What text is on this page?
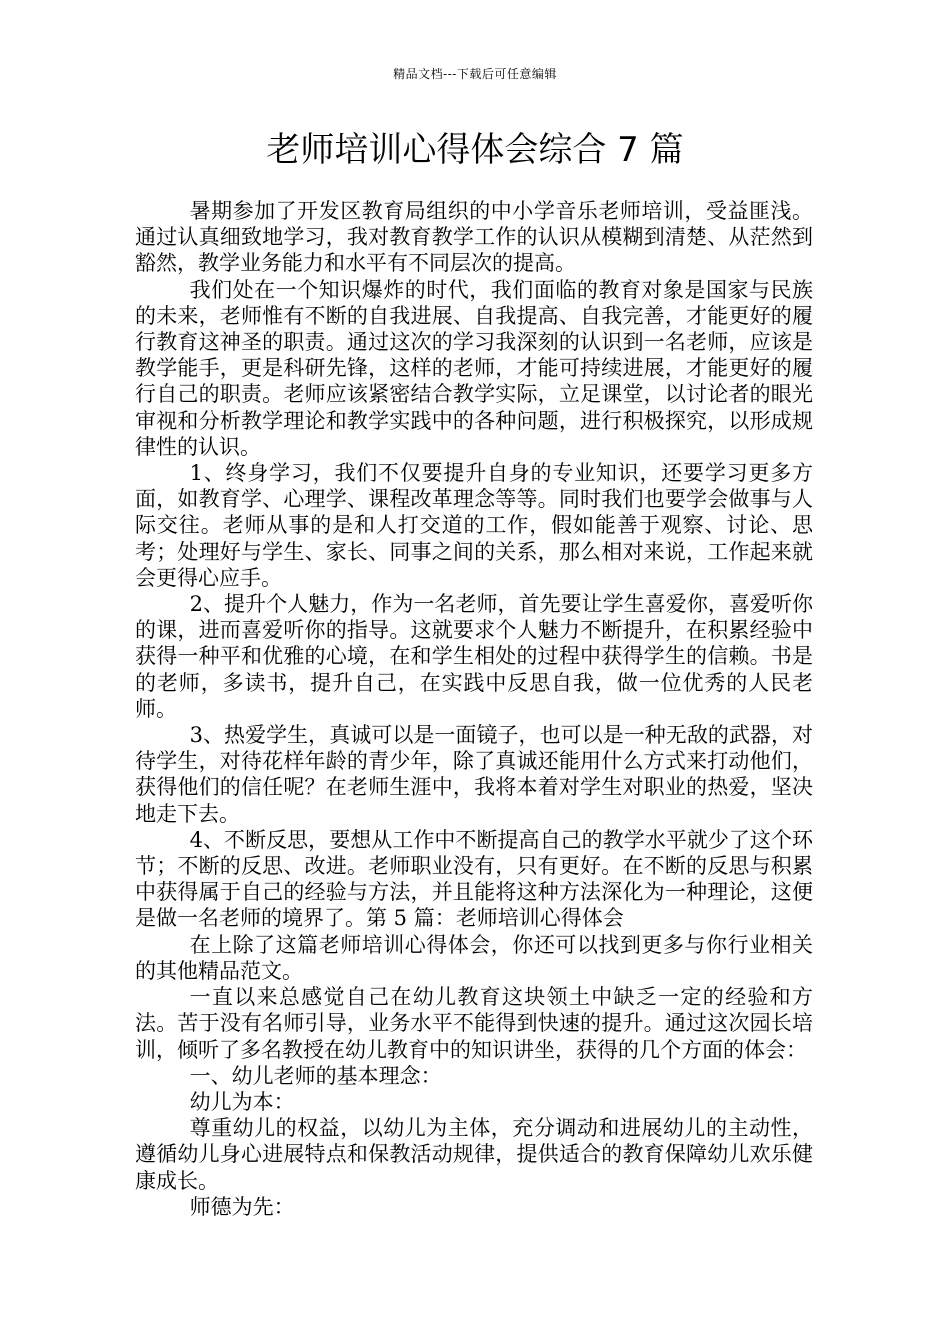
精品文档---下载后可任意编辑
老师培训心得体会综合 7 篇

暑期参加了开发区教育局组织的中小学音乐老师培训，受益匪浅。通过认真细致地学习，我对教育教学工作的认识从模糊到清楚、从茫然到豁然，教学业务能力和水平有不同层次的提高。

我们处在一个知识爆炸的时代，我们面临的教育对象是国家与民族的未来，老师惟有不断的自我进展、自我提高、自我完善，才能更好的履行教育这神圣的职责。通过这次的学习我深刻的认识到一名老师，应该是教学能手，更是科研先锋，这样的老师，才能可持续进展，才能更好的履行自己的职责。老师应该紧密结合教学实际，立足课堂，以讨论者的眼光审视和分析教学理论和教学实践中的各种问题，进行积极探究，以形成规律性的认识。

1、终身学习，我们不仅要提升自身的专业知识，还要学习更多方面，如教育学、心理学、课程改革理念等等。同时我们也要学会做事与人际交往。老师从事的是和人打交道的工作，假如能善于观察、讨论、思考；处理好与学生、家长、同事之间的关系，那么相对来说，工作起来就会更得心应手。

2、提升个人魅力，作为一名老师，首先要让学生喜爱你，喜爱听你的课，进而喜爱听你的指导。这就要求个人魅力不断提升，在积累经验中获得一种平和优雅的心境，在和学生相处的过程中获得学生的信赖。书是的老师，多读书，提升自己，在实践中反思自我，做一位优秀的人民老师。

3、热爱学生，真诚可以是一面镜子，也可以是一种无敌的武器，对待学生，对待花样年龄的青少年，除了真诚还能用什么方式来打动他们，获得他们的信任呢？在老师生涯中，我将本着对学生对职业的热爱，坚决地走下去。

4、不断反思，要想从工作中不断提高自己的教学水平就少了这个环节；不断的反思、改进。老师职业没有，只有更好。在不断的反思与积累中获得属于自己的经验与方法，并且能将这种方法深化为一种理论，这便是做一名老师的境界了。第 5 篇：老师培训心得体会

在上除了这篇老师培训心得体会，你还可以找到更多与你行业相关的其他精品范文。

一直以来总感觉自己在幼儿教育这块领土中缺乏一定的经验和方法。苦于没有名师引导，业务水平不能得到快速的提升。通过这次园长培训，倾听了多名教授在幼儿教育中的知识讲坐，获得的几个方面的体会：

一、幼儿老师的基本理念：

幼儿为本：

尊重幼儿的权益，以幼儿为主体，充分调动和进展幼儿的主动性，遵循幼儿身心进展特点和保教活动规律，提供适合的教育保障幼儿欢乐健康成长。

师德为先：
